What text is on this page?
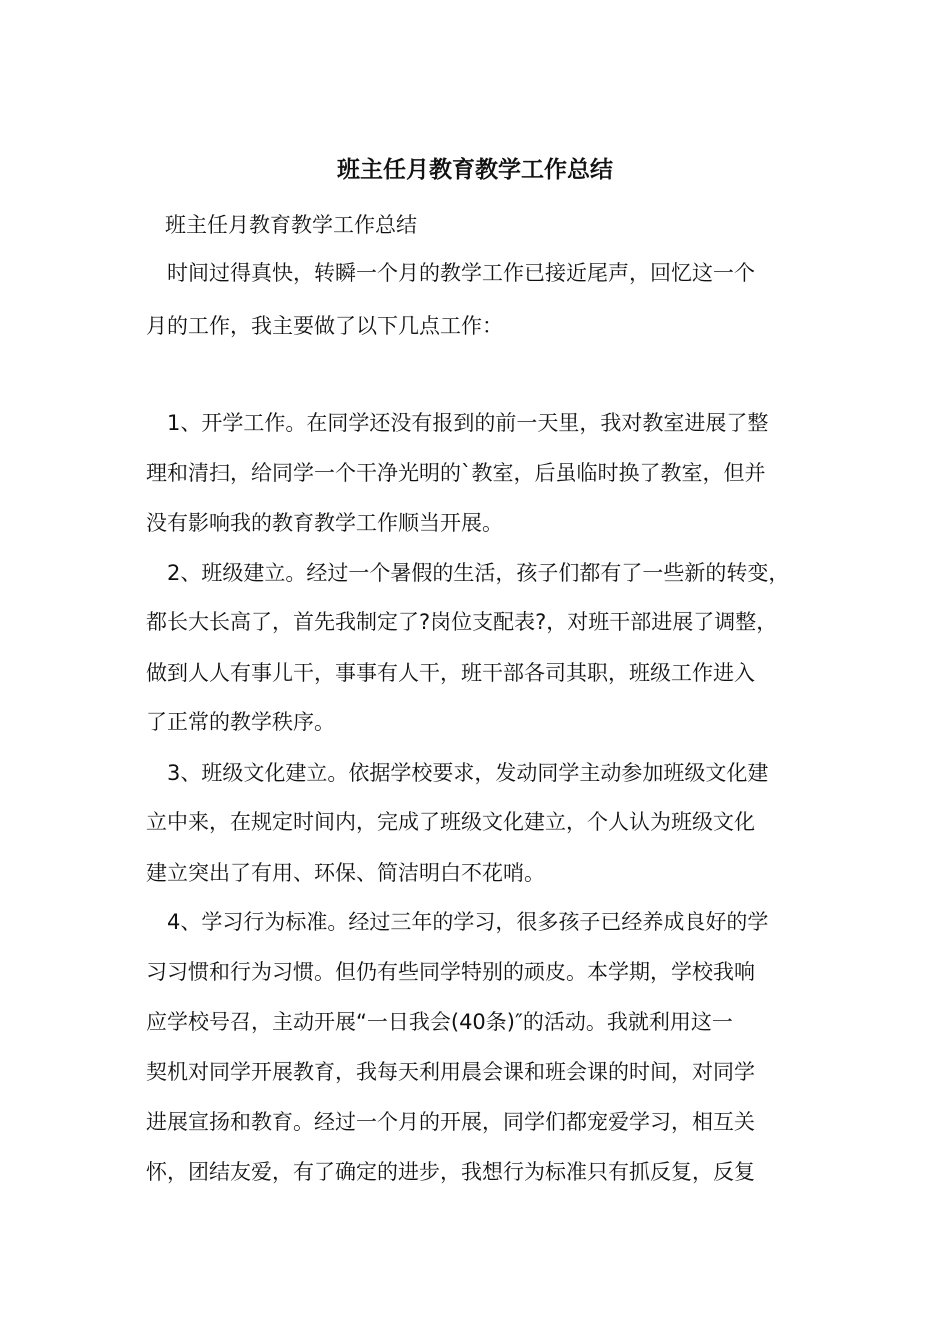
班主任月教育教学工作总结
班主任月教育教学工作总结
　时间过得真快，转瞬一个月的教学工作已接近尾声，回忆这一个
月的工作，我主要做了以下几点工作：
　1、开学工作。在同学还没有报到的前一天里，我对教室进展了整
理和清扫，给同学一个干净光明的`教室，后虽临时换了教室，但并
没有影响我的教育教学工作顺当开展。
　2、班级建立。经过一个暑假的生活，孩子们都有了一些新的转变，
都长大长高了，首先我制定了?岗位支配表?，对班干部进展了调整，
做到人人有事儿干，事事有人干，班干部各司其职，班级工作进入
了正常的教学秩序。
　3、班级文化建立。依据学校要求，发动同学主动参加班级文化建
立中来，在规定时间内，完成了班级文化建立，个人认为班级文化
建立突出了有用、环保、简洁明白不花哨。
　4、学习行为标准。经过三年的学习，很多孩子已经养成良好的学
习习惯和行为习惯。但仍有些同学特别的顽皮。本学期，学校我响
应学校号召，主动开展“一日我会(40条)″的活动。我就利用这一
契机对同学开展教育，我每天利用晨会课和班会课的时间，对同学
进展宣扬和教育。经过一个月的开展，同学们都宠爱学习，相互关
怀，团结友爱，有了确定的进步，我想行为标准只有抓反复，反复
